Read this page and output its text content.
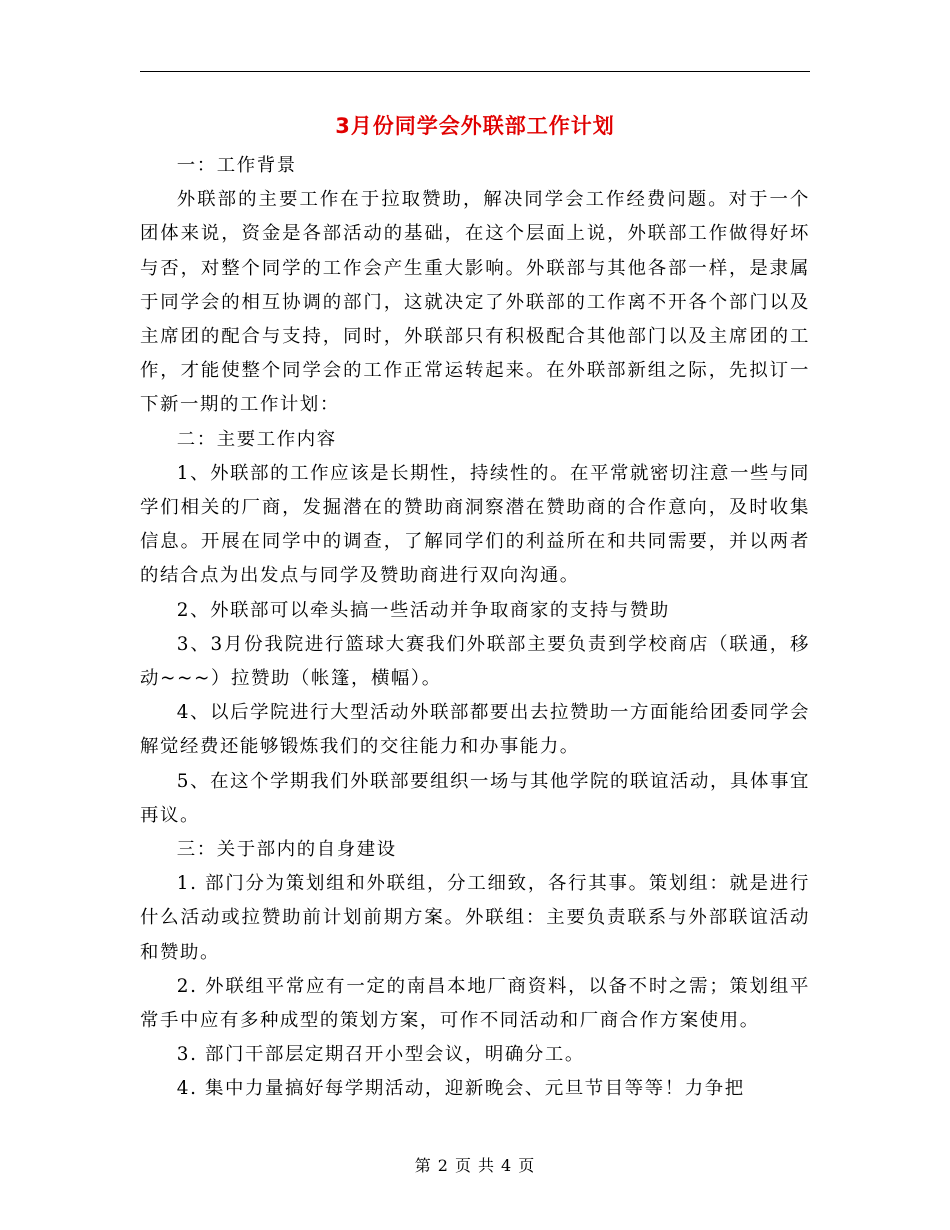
3月份同学会外联部工作计划

一：工作背景

外联部的主要工作在于拉取赞助，解决同学会工作经费问题。对于一个团体来说，资金是各部活动的基础，在这个层面上说，外联部工作做得好坏与否，对整个同学的工作会产生重大影响。外联部与其他各部一样，是隶属于同学会的相互协调的部门，这就决定了外联部的工作离不开各个部门以及主席团的配合与支持，同时，外联部只有积极配合其他部门以及主席团的工作，才能使整个同学会的工作正常运转起来。在外联部新组之际，先拟订一下新一期的工作计划：

二：主要工作内容

1、外联部的工作应该是长期性，持续性的。在平常就密切注意一些与同学们相关的厂商，发掘潜在的赞助商洞察潜在赞助商的合作意向，及时收集信息。开展在同学中的调查，了解同学们的利益所在和共同需要，并以两者的结合点为出发点与同学及赞助商进行双向沟通。

2、外联部可以牵头搞一些活动并争取商家的支持与赞助

3、3月份我院进行篮球大赛我们外联部主要负责到学校商店（联通，移动~~~）拉赞助（帐篷，横幅）。

4、以后学院进行大型活动外联部都要出去拉赞助一方面能给团委同学会解觉经费还能够锻炼我们的交往能力和办事能力。

5、在这个学期我们外联部要组织一场与其他学院的联谊活动，具体事宜再议。

三：关于部内的自身建设

1. 部门分为策划组和外联组，分工细致，各行其事。策划组：就是进行什么活动或拉赞助前计划前期方案。外联组：主要负责联系与外部联谊活动和赞助。

2. 外联组平常应有一定的南昌本地厂商资料，以备不时之需；策划组平常手中应有多种成型的策划方案，可作不同活动和厂商合作方案使用。

3. 部门干部层定期召开小型会议，明确分工。

4. 集中力量搞好每学期活动，迎新晚会、元旦节目等等！力争把

第 2 页 共 4 页
